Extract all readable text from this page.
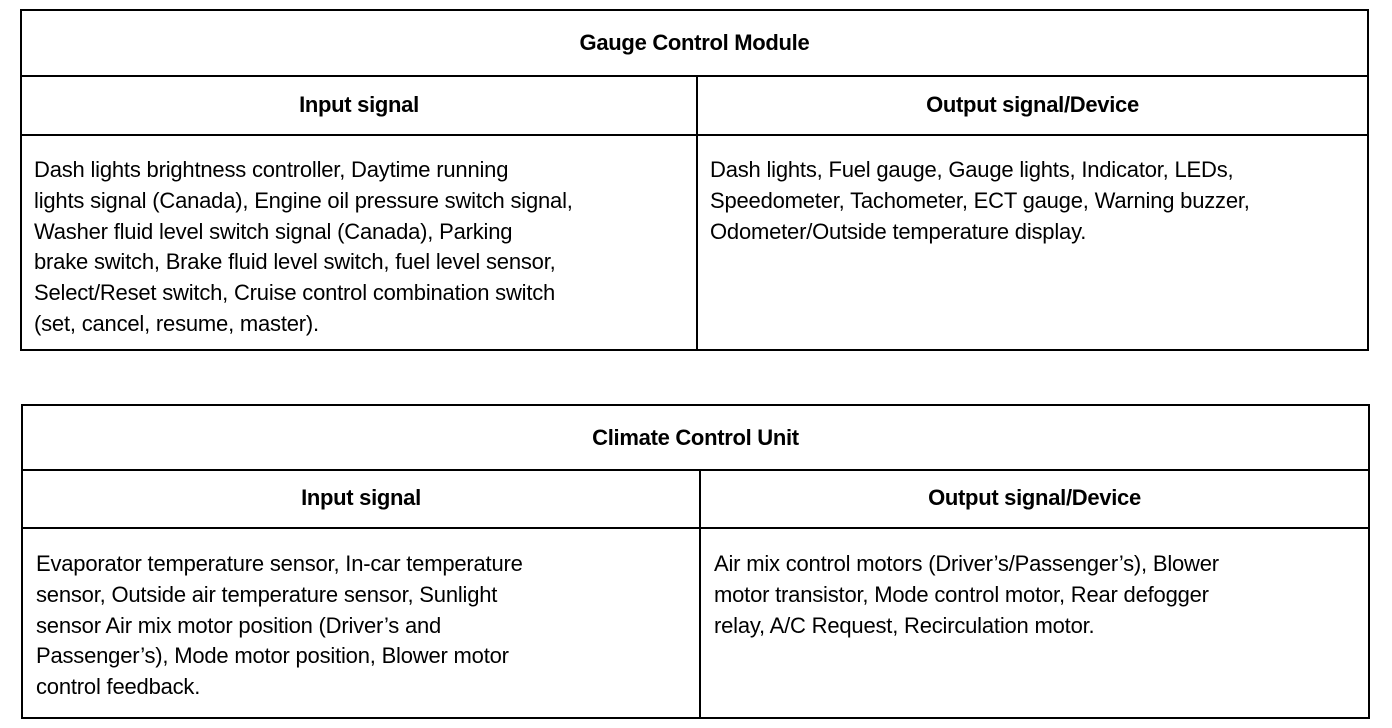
Gauge Control Module
Input signal	Output signal/Device
Dash lights brightness controller, Daytime running
lights signal (Canada), Engine oil pressure switch signal,
Washer fluid level switch signal (Canada), Parking
brake switch, Brake fluid level switch, fuel level sensor,
Select/Reset switch, Cruise control combination switch
(set, cancel, resume, master).
Dash lights, Fuel gauge, Gauge lights, Indicator, LEDs,
Speedometer, Tachometer, ECT gauge, Warning buzzer,
Odometer/Outside temperature display.
Climate Control Unit
Input signal	Output signal/Device
Evaporator temperature sensor, In-car temperature
sensor, Outside air temperature sensor, Sunlight
sensor Air mix motor position (Driver’s and
Passenger’s), Mode motor position, Blower motor
control feedback.
Air mix control motors (Driver’s/Passenger’s), Blower
motor transistor, Mode control motor, Rear defogger
relay, A/C Request, Recirculation motor.
